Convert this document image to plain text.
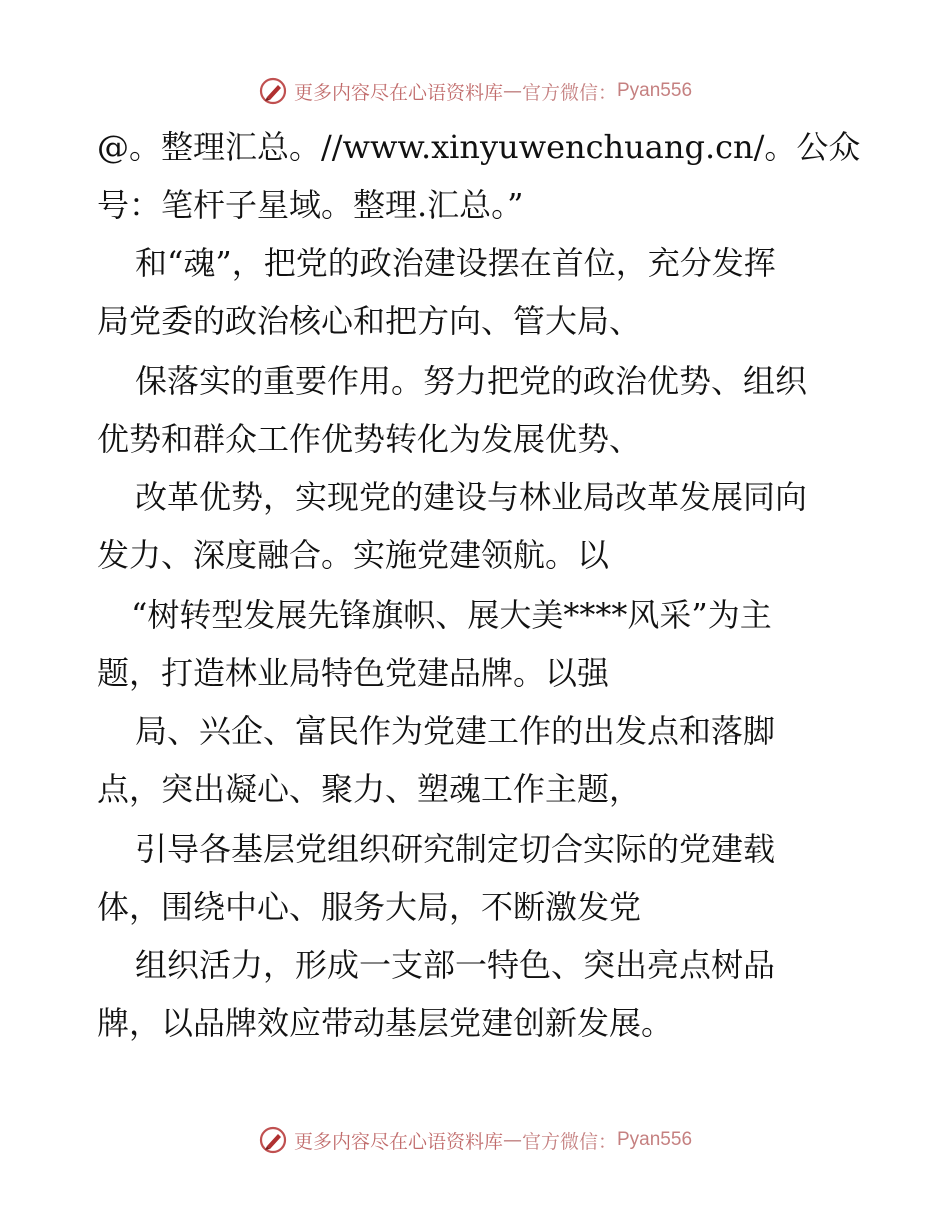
更多内容尽在心语资料库 — 官方微信： Pyan556
@。整理汇总。//www.xinyuwenchuang.cn/。公众
号：笔杆子星域。整理.汇总。”
和“魂”，把党的政治建设摆在首位，充分发挥
局党委的政治核心和把方向、管大局、
保落实的重要作用。努力把党的政治优势、组织
优势和群众工作优势转化为发展优势、
改革优势，实现党的建设与林业局改革发展同向
发力、深度融合。实施党建领航。以
“树转型发展先锋旗帜、展大美****风采”为主
题，打造林业局特色党建品牌。以强
局、兴企、富民作为党建工作的出发点和落脚
点，突出凝心、聚力、塑魂工作主题，
引导各基层党组织研究制定切合实际的党建载
体，围绕中心、服务大局，不断激发党
组织活力，形成一支部一特色、突出亮点树品
牌，以品牌效应带动基层党建创新发展。
更多内容尽在心语资料库 — 官方微信： Pyan556
